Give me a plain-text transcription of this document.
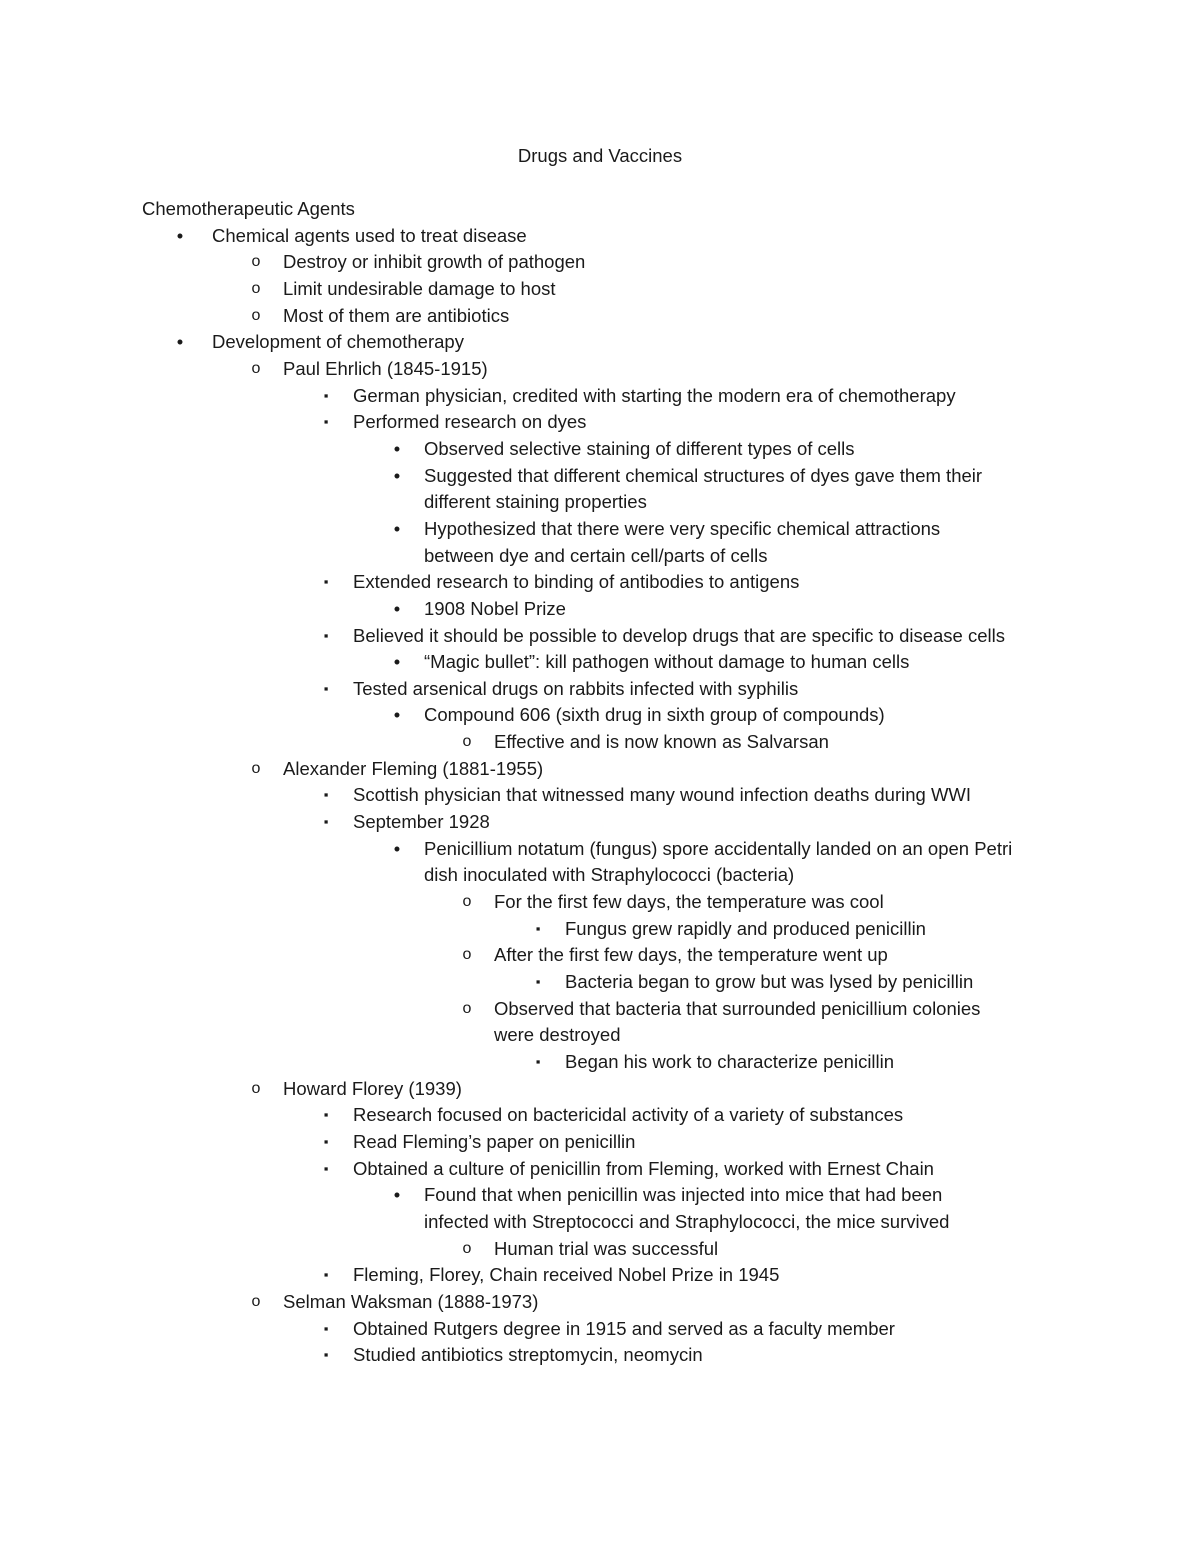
Drugs and Vaccines
Chemotherapeutic Agents
•	Chemical agents used to treat disease
o Destroy or inhibit growth of pathogen
o Limit undesirable damage to host
o Most of them are antibiotics
•	Development of chemotherapy
o Paul Ehrlich (1845-1915)
▪	German physician, credited with starting the modern era of chemotherapy
▪	Performed research on dyes
•	Observed selective staining of different types of cells
•	Suggested that different chemical structures of dyes gave them their
different staining properties
•	Hypothesized that there were very specific chemical attractions
between dye and certain cell/parts of cells
▪	Extended research to binding of antibodies to antigens
•	1908 Nobel Prize
▪	Believed it should be possible to develop drugs that are specific to disease cells
•	“Magic bullet”: kill pathogen without damage to human cells
▪	Tested arsenical drugs on rabbits infected with syphilis
•	Compound 606 (sixth drug in sixth group of compounds)
o Effective and is now known as Salvarsan
o Alexander Fleming (1881-1955)
▪	Scottish physician that witnessed many wound infection deaths during WWI
▪	September 1928
•	Penicillium notatum (fungus) spore accidentally landed on an open Petri
dish inoculated with Straphylococci (bacteria)
o For the first few days, the temperature was cool
▪	Fungus grew rapidly and produced penicillin
o After the first few days, the temperature went up
▪	Bacteria began to grow but was lysed by penicillin
o Observed that bacteria that surrounded penicillium colonies
were destroyed
▪	Began his work to characterize penicillin
o Howard Florey (1939)
▪	Research focused on bactericidal activity of a variety of substances
▪	Read Fleming’s paper on penicillin
▪	Obtained a culture of penicillin from Fleming, worked with Ernest Chain
•	Found that when penicillin was injected into mice that had been
infected with Streptococci and Straphylococci, the mice survived
o Human trial was successful
▪	Fleming, Florey, Chain received Nobel Prize in 1945
o Selman Waksman (1888-1973)
▪	Obtained Rutgers degree in 1915 and served as a faculty member
▪	Studied antibiotics streptomycin, neomycin
